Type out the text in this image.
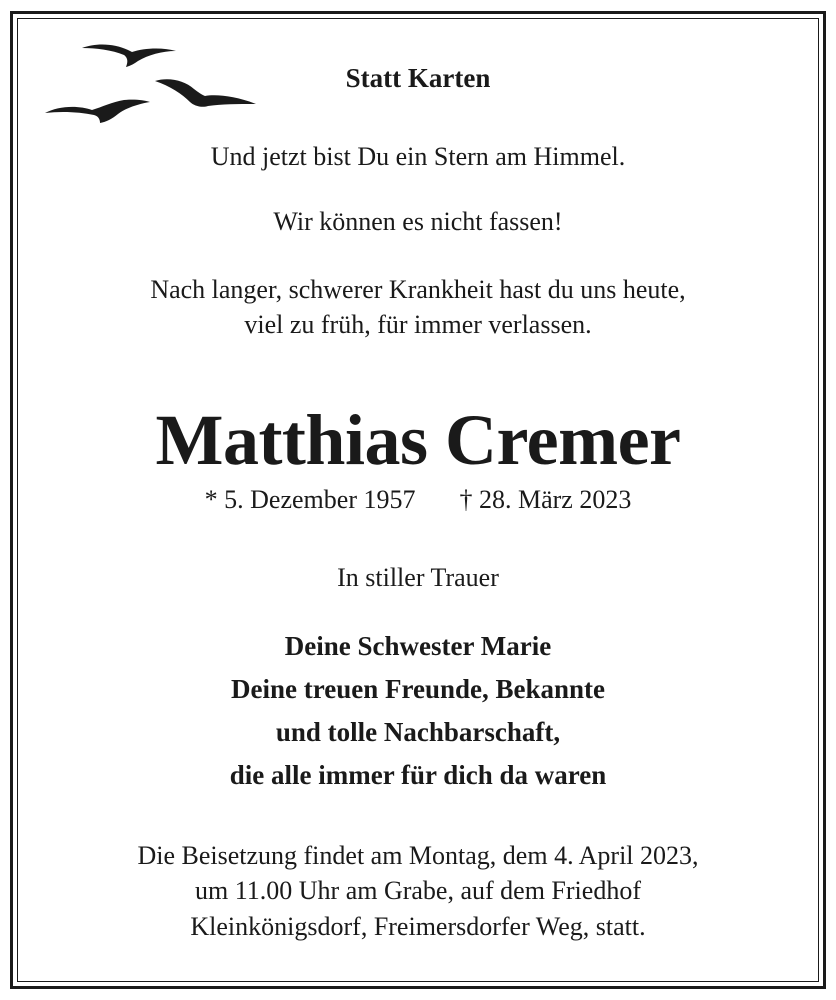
Statt Karten

Und jetzt bist Du ein Stern am Himmel.

Wir können es nicht fassen!

Nach langer, schwerer Krankheit hast du uns heute,

viel zu früh, für immer verlassen.

Matthias Cremer

* 5. Dezember 1957 † 28. März 2023

In stiller Trauer

Deine Schwester Marie

Deine treuen Freunde, Bekannte

und tolle Nachbarschaft,

die alle immer für dich da waren

Die Beisetzung findet am Montag, dem 4. April 2023,

um 11.00 Uhr am Grabe, auf dem Friedhof

Kleinkönigsdorf, Freimersdorfer Weg, statt.
